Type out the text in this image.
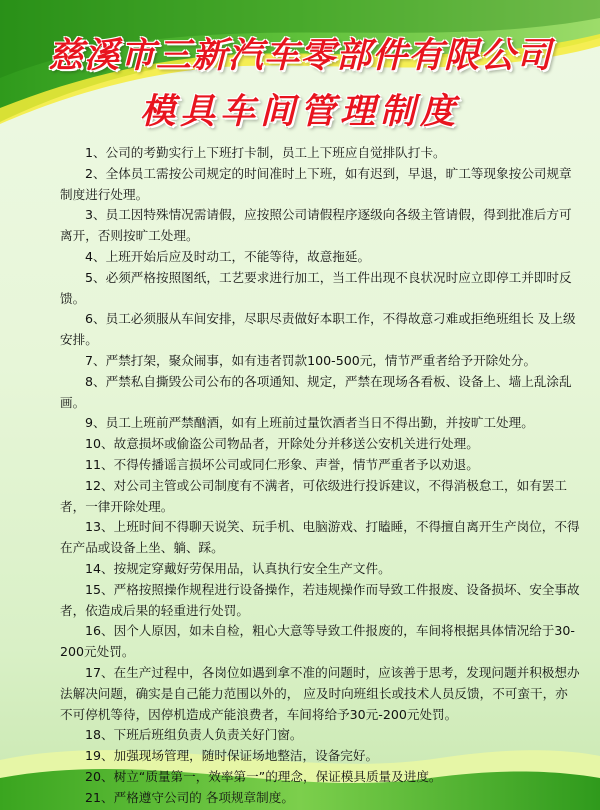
慈溪市三新汽车零部件有限公司
模具车间管理制度
1、公司的考勤实行上下班打卡制，员工上下班应自觉排队打卡。
2、全体员工需按公司规定的时间准时上下班，如有迟到，早退，旷工等现象按公司规章制度进行处理。
3、员工因特殊情况需请假，应按照公司请假程序逐级向各级主管请假，得到批准后方可离开，否则按旷工处理。
4、上班开始后应及时动工，不能等待，故意拖延。
5、必须严格按照图纸，工艺要求进行加工，当工件出现不良状况时应立即停工并即时反馈。
6、员工必须服从车间安排，尽职尽责做好本职工作，不得故意刁难或拒绝班组长 及上级安排。
7、严禁打架，聚众闹事，如有违者罚款100-500元，情节严重者给予开除处分。
8、严禁私自撕毁公司公布的各项通知、规定，严禁在现场各看板、设备上、墙上乱涂乱画。
9、员工上班前严禁酗酒，如有上班前过量饮酒者当日不得出勤，并按旷工处理。
10、故意损坏或偷盗公司物品者，开除处分并移送公安机关进行处理。
11、不得传播谣言损坏公司或同仁形象、声誉，情节严重者予以劝退。
12、对公司主管或公司制度有不满者，可依级进行投诉建议，不得消极怠工，如有罢工者，一律开除处理。
13、上班时间不得聊天说笑、玩手机、电脑游戏、打瞌睡，不得擅自离开生产岗位，不得在产品或设备上坐、躺、踩。
14、按规定穿戴好劳保用品，认真执行安全生产文件。
15、严格按照操作规程进行设备操作，若违规操作而导致工件报废、设备损坏、安全事故者，依造成后果的轻重进行处罚。
16、因个人原因，如未自检，粗心大意等导致工件报废的，车间将根据具体情况给于30-200元处罚。
17、在生产过程中，各岗位如遇到拿不准的问题时，应该善于思考，发现问题并积极想办法解决问题，确实是自己能力范围以外的， 应及时向班组长或技术人员反馈，不可蛮干，亦不可停机等待，因停机造成产能浪费者，车间将给予30元-200元处罚。
18、下班后班组负责人负责关好门窗。
19、加强现场管理，随时保证场地整洁，设备完好。
20、树立“质量第一，效率第一”的理念，保证模具质量及进度。
21、严格遵守公司的 各项规章制度。
